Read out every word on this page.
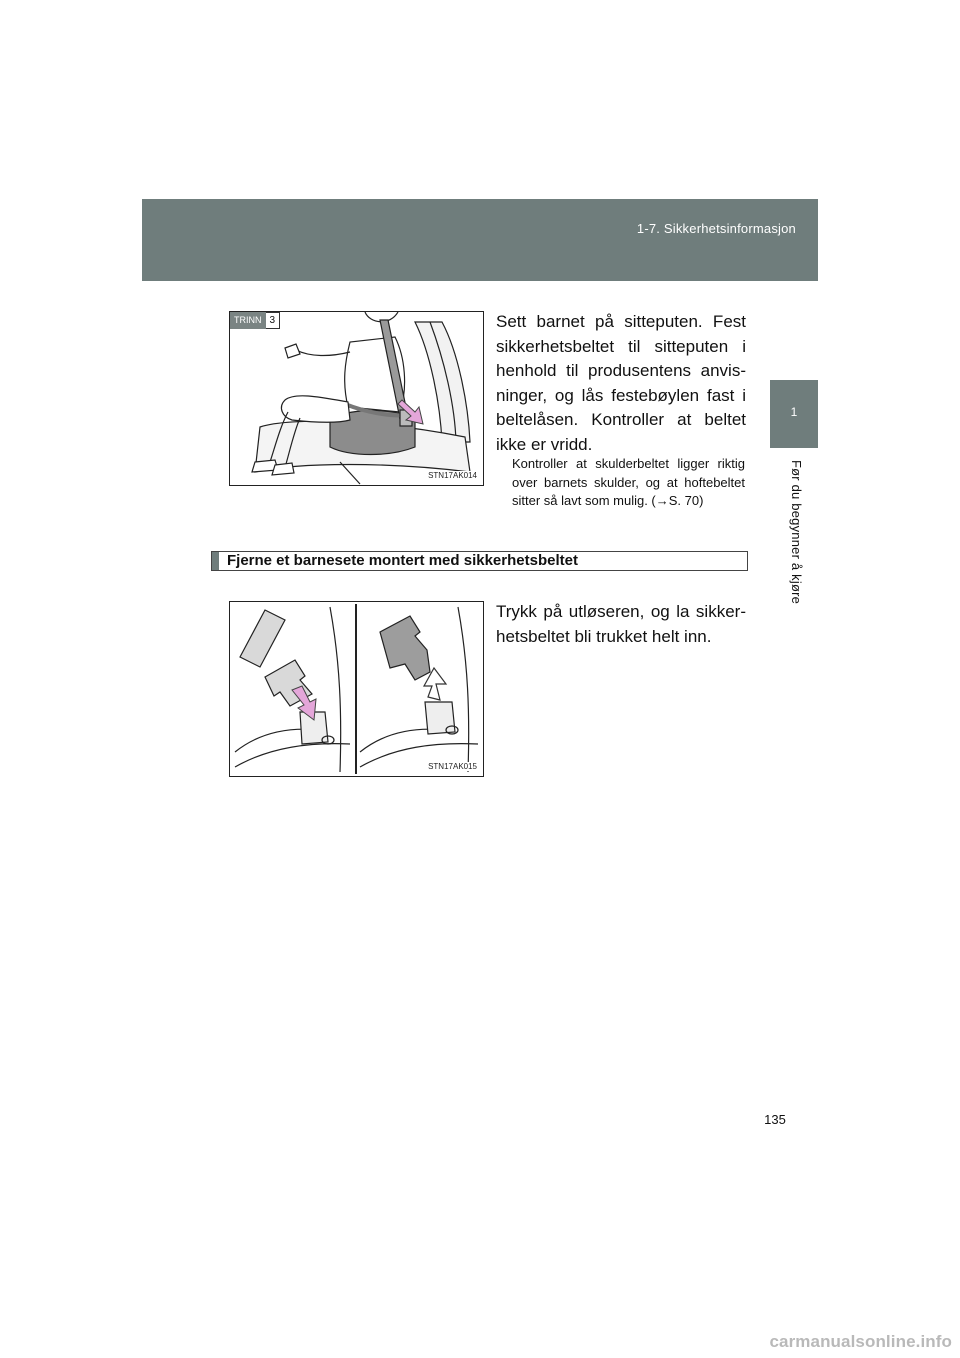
1-7. Sikkerhetsinformasjon
1
Før du begynner å kjøre
TRINN 3
STN17AK014

Sett barnet på sitteputen. Fest sikkerhetsbeltet til sitteputen i henhold til produsentens anvis-ninger, og lås festebøylen fast i beltelåsen. Kontroller at beltet ikke er vridd.

Kontroller at skulderbeltet ligger riktig over barnets skulder, og at hoftebeltet sitter så lavt som mulig. (→S. 70)

Fjerne et barnesete montert med sikkerhetsbeltet
STN17AK015

Trykk på utløseren, og la sikker-hetsbeltet bli trukket helt inn.

135
carmanualsonline.info
